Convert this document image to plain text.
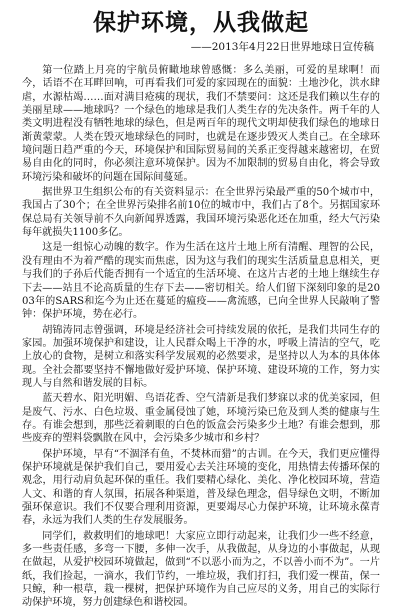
保护环境，从我做起
——2013年4月22日世界地球日宣传稿

第一位踏上月亮的宇航员俯瞰地球曾感慨：多么美丽，可爱的星球啊！而今，话语不在耳畔回响，可再看我们可爱的家园现在的面貌：土地沙化，洪水肆虐，水源枯竭……面对满目疮痍的现状，我们不禁要问：这还是我们赖以生存的美丽星球——地球吗？一个绿色的地球是我们人类生存的先决条件。两千年的人类文明进程没有牺牲地球的绿色，但是两百年的现代文明却使我们绿色的地球日渐黄蒙蒙。人类在毁灭地球绿色的同时，也就是在逐步毁灭人类自己。在全球环境问题日趋严重的今天，环境保护和国际贸易间的关系正变得越来越密切，在贸易自由化的同时，你必须注意环境保护。因为不加限制的贸易自由化，将会导致环境污染和破坏的问题在国际间蔓延。

据世界卫生组织公布的有关资料显示：在全世界污染最严重的50个城市中，我国占了30个；在全世界污染排名前10位的城市中，我们占了8个。另据国家环保总局有关领导前不久向新闻界透露，我国环境污染恶化还在加重，经大气污染每年就损失1100多亿。

这是一组惊心动魄的数字。作为生活在这片土地上所有清醒、理智的公民，没有理由不为着严酷的现实而焦虑，因为这与我们的现实生活质量息息相关，更与我们的子孙后代能否拥有一个适宜的生活环境、在这片古老的土地上继续生存下去——站且不论高质量的生存下去——密切相关。给人们留下深刻印象的是2003年的SARS和迄今为止还在蔓延的瘟疫——禽流感，已向全世界人民敲响了警钟：保护环境，势在必行。

胡锦涛同志曾强调，环境是经济社会可持续发展的依托，是我们共同生存的家园。加强环境保护和建设，让人民群众喝上干净的水，呼吸上清洁的空气，吃上放心的食物，是树立和落实科学发展观的必然要求，是坚持以人为本的具体体现。全社会都要坚持不懈地做好爱护环境、保护环境、建设环境的工作，努力实现人与自然和谐发展的目标。

蓝天碧水、阳光明媚、鸟语花香、空气清新是我们梦寐以求的优美家园，但是废气、污水、白色垃圾、重金属侵蚀了她，环境污染已危及到人类的健康与生存。有谁会想到，那些泛着刺眼的白色的饭盒会污染多少土地？有谁会想到，那些废弃的塑料袋飘散在风中，会污染多少城市和乡村？

保护环境，早有“不涸泽有鱼，不焚林而猎”的古训。在今天，我们更应懂得保护环境就是保护我们自己，要用爱心去关注环境的变化，用热情去传播环保的观念，用行动肩负起环保的重任。我们要精心绿化、美化、净化校园环境，营造人文、和谐的育人氛围，拓展各种渠道，普及绿色理念，倡导绿色文明，不断加强环保意识。我们不仅要合理利用资源，更要竭尽心力保护环境，让环境永葆青春，永远为我们人类的生存发展服务。

同学们，救救明们的地球吧！大家应立即行动起来，让我们少一些不经意，多一些责任感，多弯一下腰，多伸一次手，从我做起，从身边的小事做起，从现在做起，从爱护校园环境做起，做到“不以恶小而为之，不以善小而不为”。一片纸，我们捡起，一滴水，我们节约，一堆垃圾，我们打扫，我们爱一棵苗，保一只鲸，种一根草，栽一棵树，把保护环境作为自己应尽的义务，用自己的实际行动保护环境，努力创建绿色和谐校园。
